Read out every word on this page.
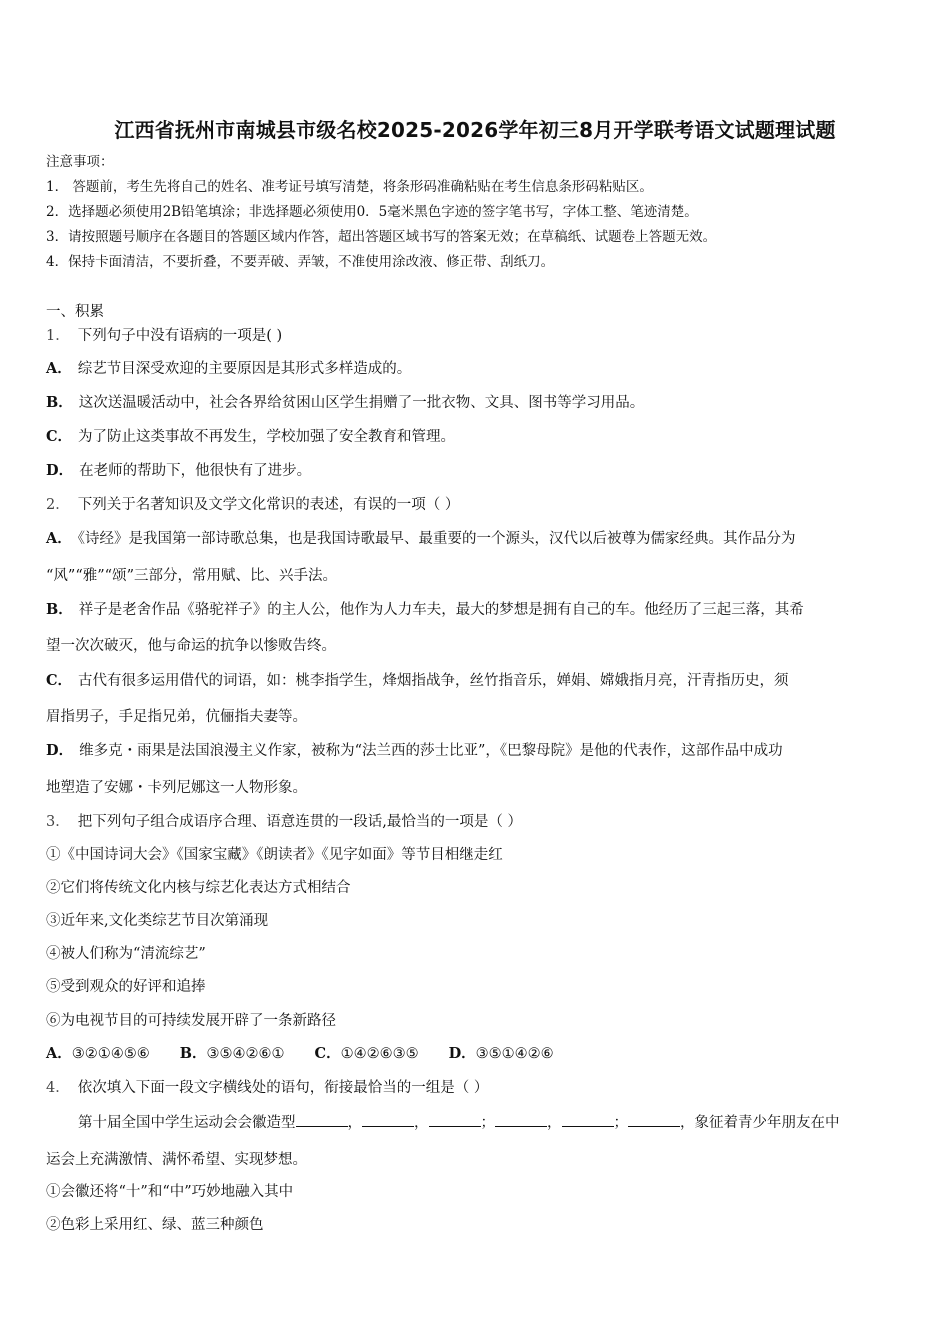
江西省抚州市南城县市级名校2025-2026学年初三8月开学联考语文试题理试题
注意事项：
1． 答题前，考生先将自己的姓名、准考证号填写清楚，将条形码准确粘贴在考生信息条形码粘贴区。
2．选择题必须使用2B铅笔填涂；非选择题必须使用0．5毫米黑色字迹的签字笔书写，字体工整、笔迹清楚。
3．请按照题号顺序在各题目的答题区域内作答，超出答题区域书写的答案无效；在草稿纸、试题卷上答题无效。
4．保持卡面清洁，不要折叠，不要弄破、弄皱，不准使用涂改液、修正带、刮纸刀。
一、积累
1． 下列句子中没有语病的一项是( )
A． 综艺节目深受欢迎的主要原因是其形式多样造成的。
B． 这次送温暖活动中，社会各界给贫困山区学生捐赠了一批衣物、文具、图书等学习用品。
C． 为了防止这类事故不再发生，学校加强了安全教育和管理。
D． 在老师的帮助下，他很快有了进步。
2． 下列关于名著知识及文学文化常识的表述，有误的一项（ ）
A． 《诗经》是我国第一部诗歌总集，也是我国诗歌最早、最重要的一个源头，汉代以后被尊为儒家经典。其作品分为
“风”“雅”“颂”三部分，常用赋、比、兴手法。
B． 祥子是老舍作品《骆驼祥子》的主人公，他作为人力车夫，最大的梦想是拥有自己的车。他经历了三起三落，其希
望一次次破灭，他与命运的抗争以惨败告终。
C． 古代有很多运用借代的词语，如：桃李指学生，烽烟指战争，丝竹指音乐，婵娟、嫦娥指月亮，汗青指历史，须
眉指男子，手足指兄弟，伉俪指夫妻等。
D． 维多克・雨果是法国浪漫主义作家，被称为“法兰西的莎士比亚”，《巴黎母院》是他的代表作，这部作品中成功
地塑造了安娜・卡列尼娜这一人物形象。
3． 把下列句子组合成语序合理、语意连贯的一段话,最恰当的一项是（ ）
①《中国诗词大会》《国家宝藏》《朗读者》《见字如面》等节目相继走红
②它们将传统文化内核与综艺化表达方式相结合
③近年来,文化类综艺节目次第涌现
④被人们称为“清流综艺”
⑤受到观众的好评和追捧
⑥为电视节目的可持续发展开辟了一条新路径
A．③②①④⑤⑥ B．③⑤④②⑥① C．①④②⑥③⑤ D．③⑤①④②⑥
4． 依次填入下面一段文字横线处的语句，衔接最恰当的一组是（ ）
第十届全国中学生运动会会徽造型	，	，	；	，	；	，象征着青少年朋友在中
运会上充满激情、满怀希望、实现梦想。
①会徽还将“十”和“中”巧妙地融入其中
②色彩上采用红、绿、蓝三种颜色
